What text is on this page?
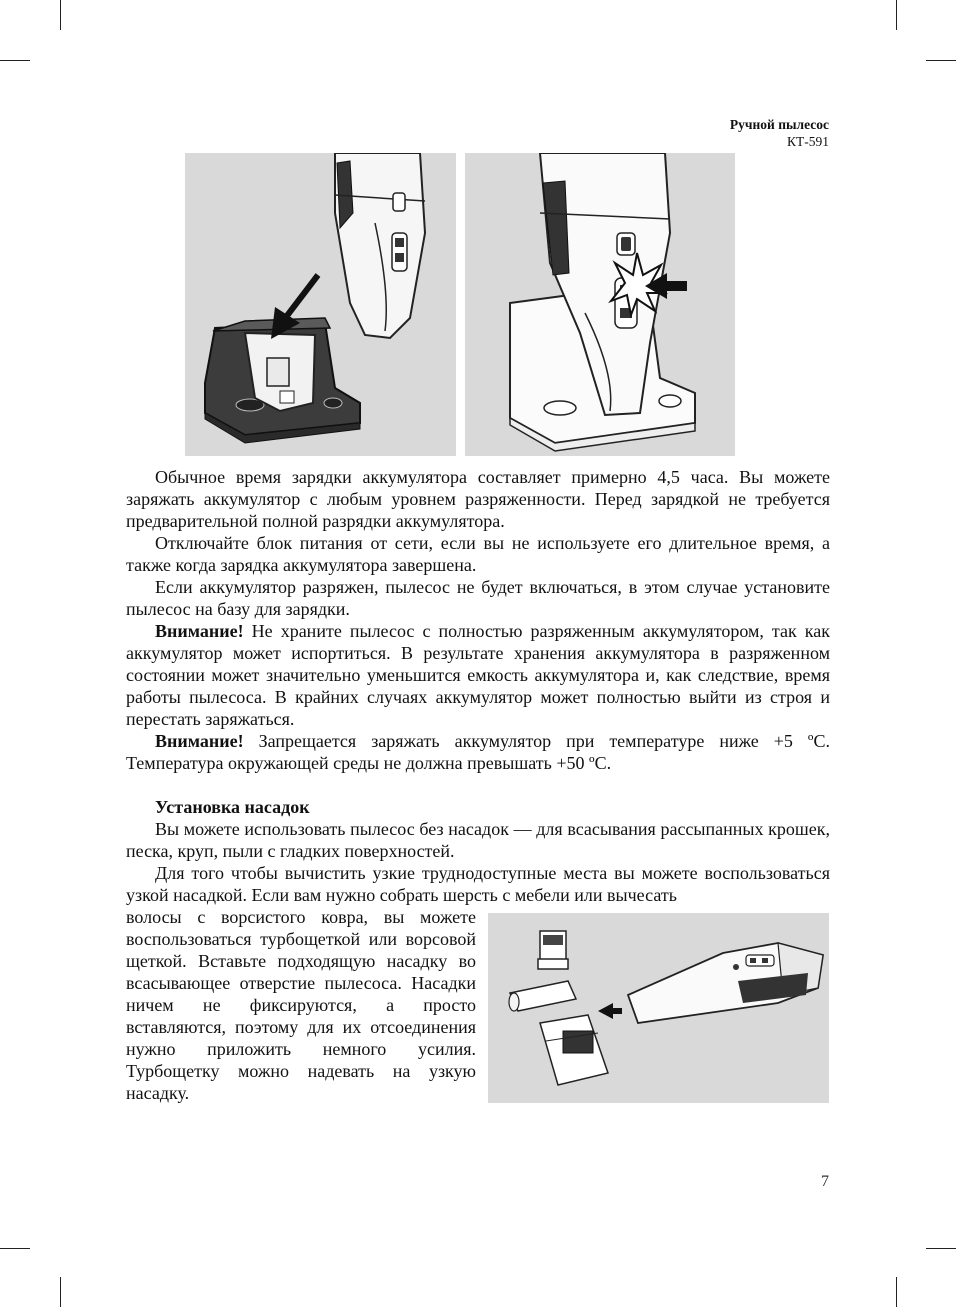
Ручной пылесос
КТ-591

Обычное время зарядки аккумулятора составляет примерно 4,5 часа. Вы можете заряжать аккумулятор с любым уровнем разряженности. Перед зарядкой не требуется предварительной полной разрядки аккумулятора.

Отключайте блок питания от сети, если вы не используете его длительное время, а также когда зарядка аккумулятора завершена.

Если аккумулятор разряжен, пылесос не будет включаться, в этом случае установите пылесос на базу для зарядки.

Внимание! Не храните пылесос с полностью разряженным аккумулятором, так как аккумулятор может испортиться. В результате хранения аккумулятора в разряженном состоянии может значительно уменьшится емкость аккумулятора и, как следствие, время работы пылесоса. В крайних случаях аккумулятор может полностью выйти из строя и перестать заряжаться.

Внимание! Запрещается заряжать аккумулятор при температуре ниже +5 ºС. Температура окружающей среды не должна превышать +50 ºС.

Установка насадок

Вы можете использовать пылесос без насадок — для всасывания рассыпанных крошек, песка, круп, пыли с гладких поверхностей.

Для того чтобы вычистить узкие труднодоступные места вы можете воспользоваться узкой насадкой. Если вам нужно собрать шерсть с мебели или вычесать

волосы с ворсистого ковра, вы можете воспользоваться турбощеткой или ворсовой щеткой. Вставьте подходящую насадку во всасывающее отверстие пылесоса. Насадки ничем не фиксируются, а просто вставляются, поэтому для их отсоединения нужно приложить немного усилия. Турбощетку можно надевать на узкую насадку.

7
